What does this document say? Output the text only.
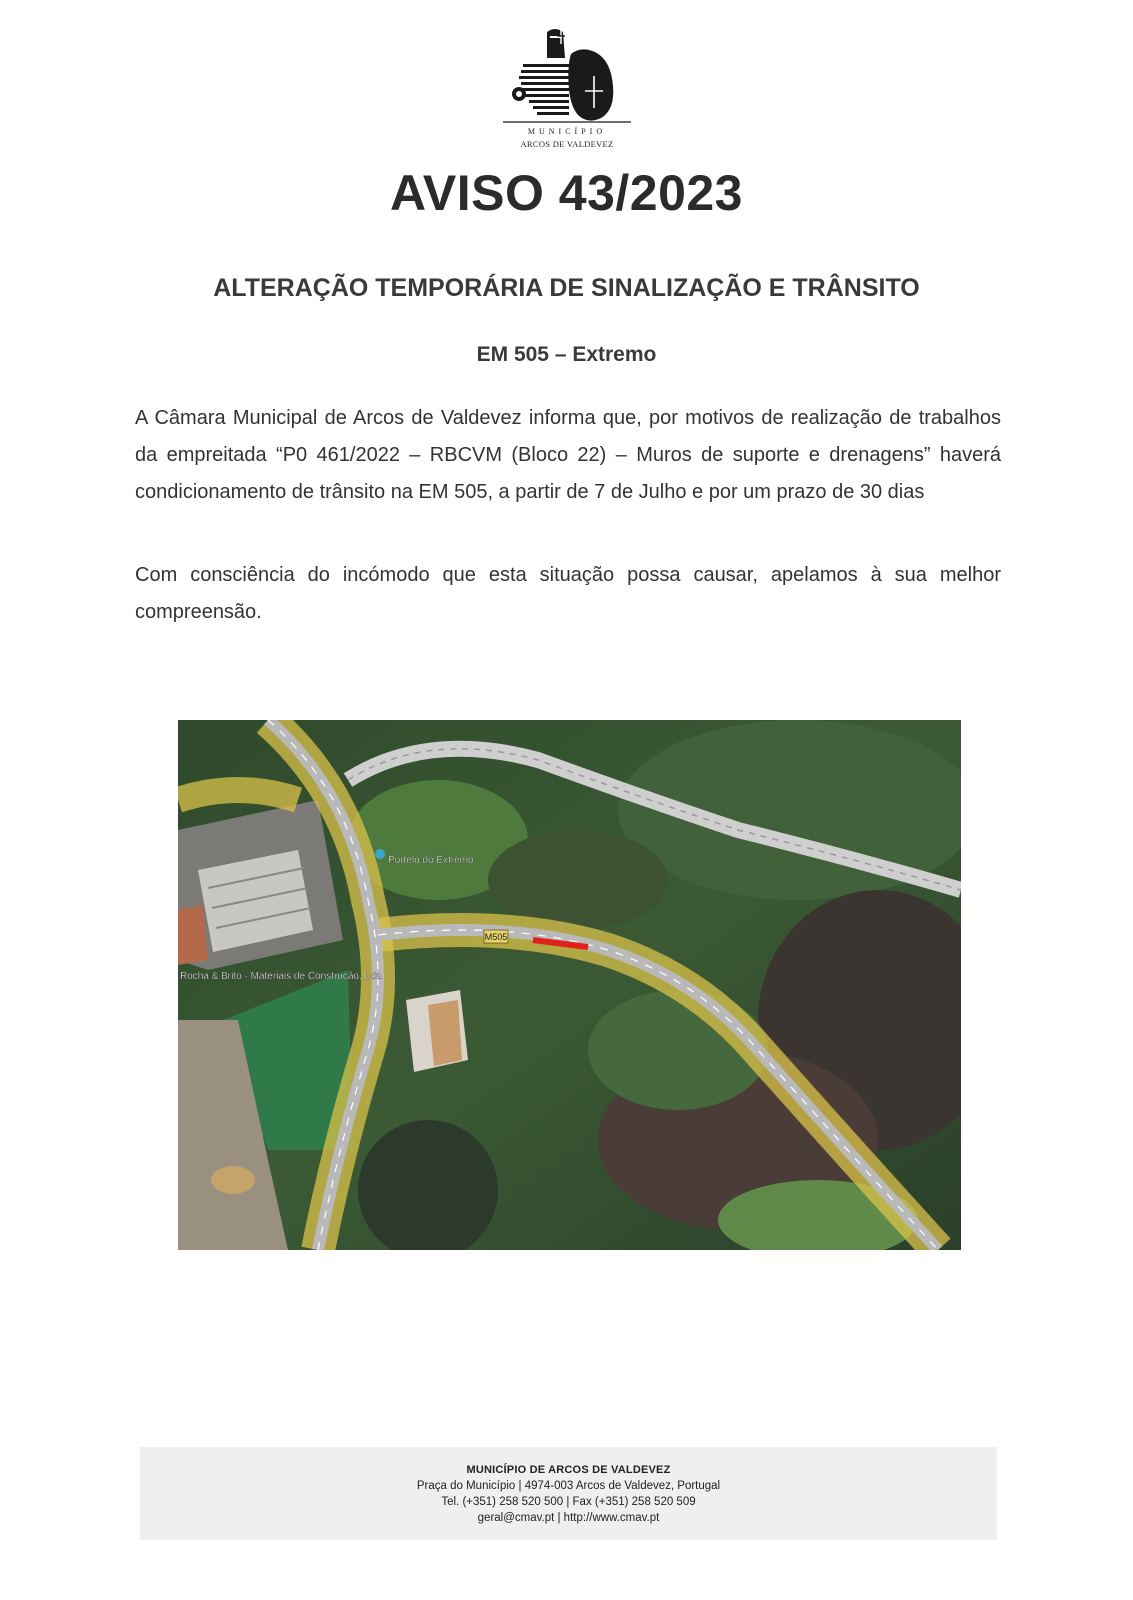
MUNICÍPIO
ARCOS DE VALDEVEZ
AVISO 43/2023
ALTERAÇÃO TEMPORÁRIA DE SINALIZAÇÃO E TRÂNSITO
EM 505 – Extremo

A Câmara Municipal de Arcos de Valdevez informa que, por motivos de realização de trabalhos da empreitada “P0 461/2022 – RBCVM (Bloco 22) – Muros de suporte e drenagens” haverá condicionamento de trânsito na EM 505, a partir de 7 de Julho e por um prazo de 30 dias

Com consciência do incómodo que esta situação possa causar, apelamos à sua melhor compreensão.

Portelo do Extremo
M505
Rocha & Brito - Materiais de Construção, Lda
MUNICÍPIO DE ARCOS DE VALDEVEZ
Praça do Município | 4974-003 Arcos de Valdevez, Portugal
Tel. (+351) 258 520 500 | Fax (+351) 258 520 509
geral@cmav.pt | http://www.cmav.pt
